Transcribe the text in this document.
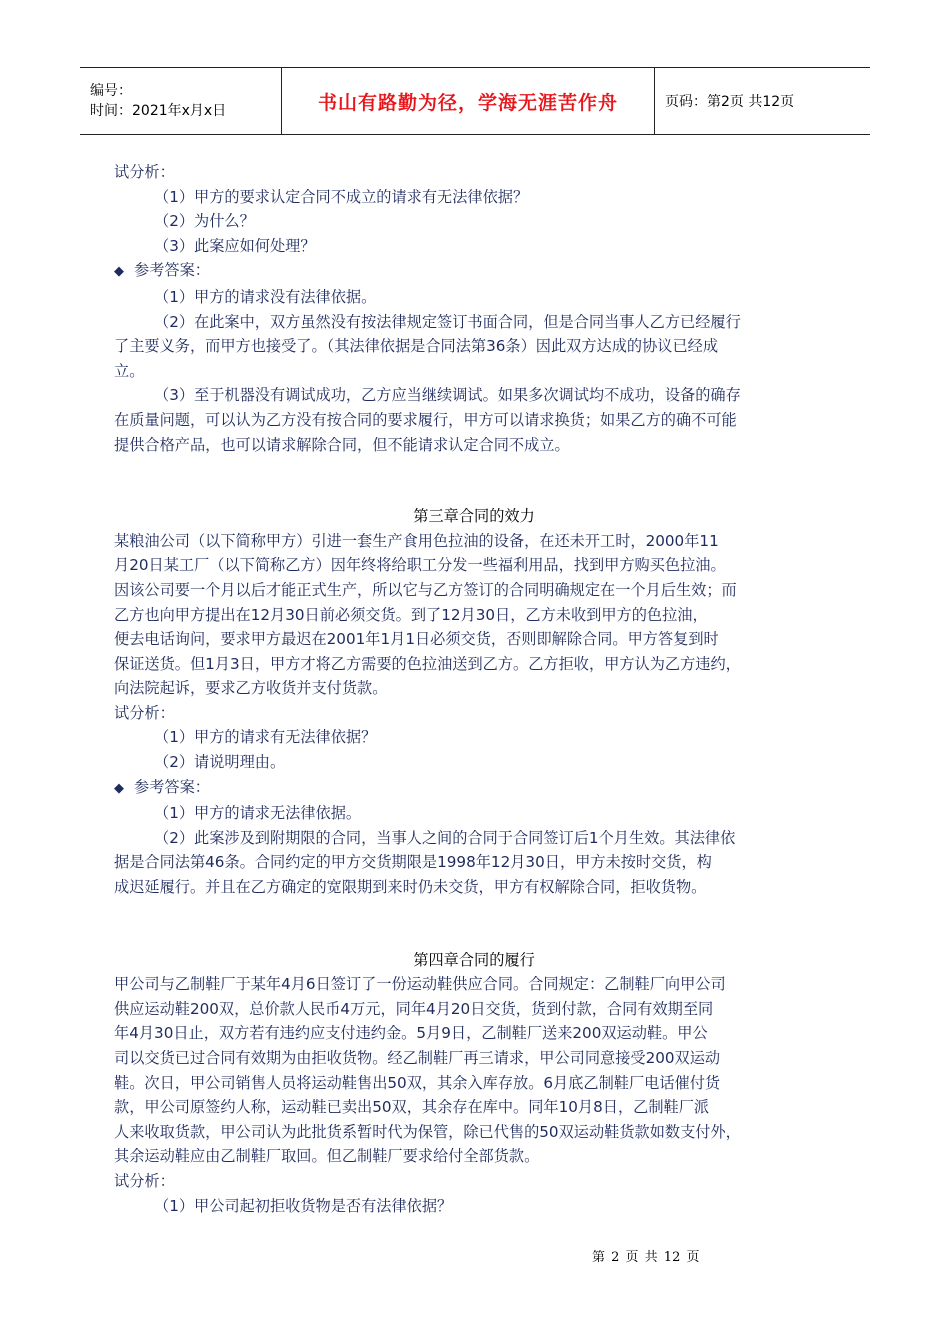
编号：
时间：2021年x月x日	书山有路勤为径，学海无涯苦作舟	页码：第2页 共12页

试分析：

（1）甲方的要求认定合同不成立的请求有无法律依据？

（2）为什么？

（3）此案应如何处理？

◆ 参考答案：

（1）甲方的请求没有法律依据。

（2）在此案中，双方虽然没有按法律规定签订书面合同，但是合同当事人乙方已经履行

了主要义务，而甲方也接受了。（其法律依据是合同法第36条）因此双方达成的协议已经成

立。

（3）至于机器没有调试成功，乙方应当继续调试。如果多次调试均不成功，设备的确存

在质量问题，可以认为乙方没有按合同的要求履行，甲方可以请求换货；如果乙方的确不可能

提供合格产品，也可以请求解除合同，但不能请求认定合同不成立。

第三章合同的效力

某粮油公司（以下简称甲方）引进一套生产食用色拉油的设备，在还未开工时，2000年11

月20日某工厂（以下简称乙方）因年终将给职工分发一些福利用品，找到甲方购买色拉油。

因该公司要一个月以后才能正式生产，所以它与乙方签订的合同明确规定在一个月后生效；而

乙方也向甲方提出在12月30日前必须交货。到了12月30日，乙方未收到甲方的色拉油，

便去电话询问，要求甲方最迟在2001年1月1日必须交货，否则即解除合同。甲方答复到时

保证送货。但1月3日，甲方才将乙方需要的色拉油送到乙方。乙方拒收，甲方认为乙方违约，

向法院起诉，要求乙方收货并支付货款。

试分析：

（1）甲方的请求有无法律依据？

（2）请说明理由。

◆ 参考答案：

（1）甲方的请求无法律依据。

（2）此案涉及到附期限的合同，当事人之间的合同于合同签订后1个月生效。其法律依

据是合同法第46条。合同约定的甲方交货期限是1998年12月30日，甲方未按时交货，构

成迟延履行。并且在乙方确定的宽限期到来时仍未交货，甲方有权解除合同，拒收货物。

第四章合同的履行

甲公司与乙制鞋厂于某年4月6日签订了一份运动鞋供应合同。合同规定：乙制鞋厂向甲公司

供应运动鞋200双，总价款人民币4万元，同年4月20日交货，货到付款，合同有效期至同

年4月30日止，双方若有违约应支付违约金。5月9日，乙制鞋厂送来200双运动鞋。甲公

司以交货已过合同有效期为由拒收货物。经乙制鞋厂再三请求，甲公司同意接受200双运动

鞋。次日，甲公司销售人员将运动鞋售出50双，其余入库存放。6月底乙制鞋厂电话催付货

款，甲公司原签约人称，运动鞋已卖出50双，其余存在库中。同年10月8日，乙制鞋厂派

人来收取货款，甲公司认为此批货系暂时代为保管，除已代售的50双运动鞋货款如数支付外，

其余运动鞋应由乙制鞋厂取回。但乙制鞋厂要求给付全部货款。

试分析：

（1）甲公司起初拒收货物是否有法律依据？

第 2 页 共 12 页
